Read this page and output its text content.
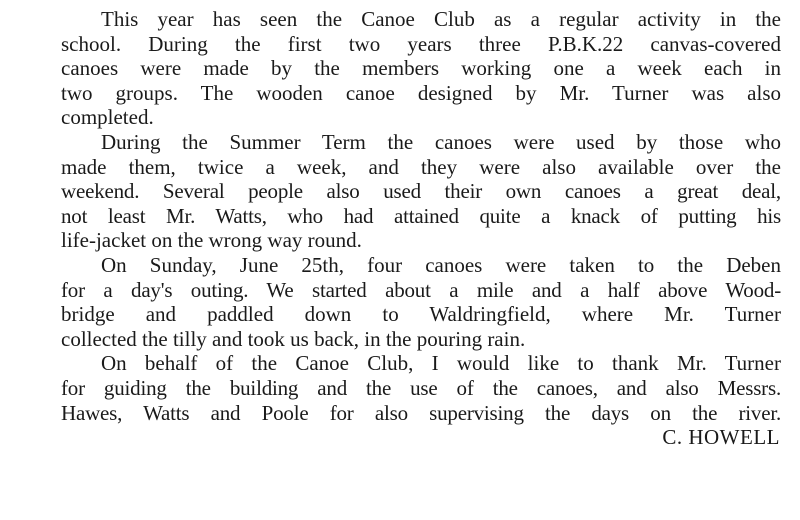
This year has seen the Canoe Club as a regular activity in the
school. During the first two years three P.B.K.22 canvas-covered
canoes were made by the members working one a week each in
two groups. The wooden canoe designed by Mr. Turner was also
completed.

During the Summer Term the canoes were used by those who
made them, twice a week, and they were also available over the
weekend. Several people also used their own canoes a great deal,
not least Mr. Watts, who had attained quite a knack of putting his
life-jacket on the wrong way round.

On Sunday, June 25th, four canoes were taken to the Deben
for a day's outing. We started about a mile and a half above Wood-
bridge and paddled down to Waldringfield, where Mr. Turner
collected the tilly and took us back, in the pouring rain.

On behalf of the Canoe Club, I would like to thank Mr. Turner
for guiding the building and the use of the canoes, and also Messrs.
Hawes, Watts and Poole for also supervising the days on the river.

C. HOWELL
